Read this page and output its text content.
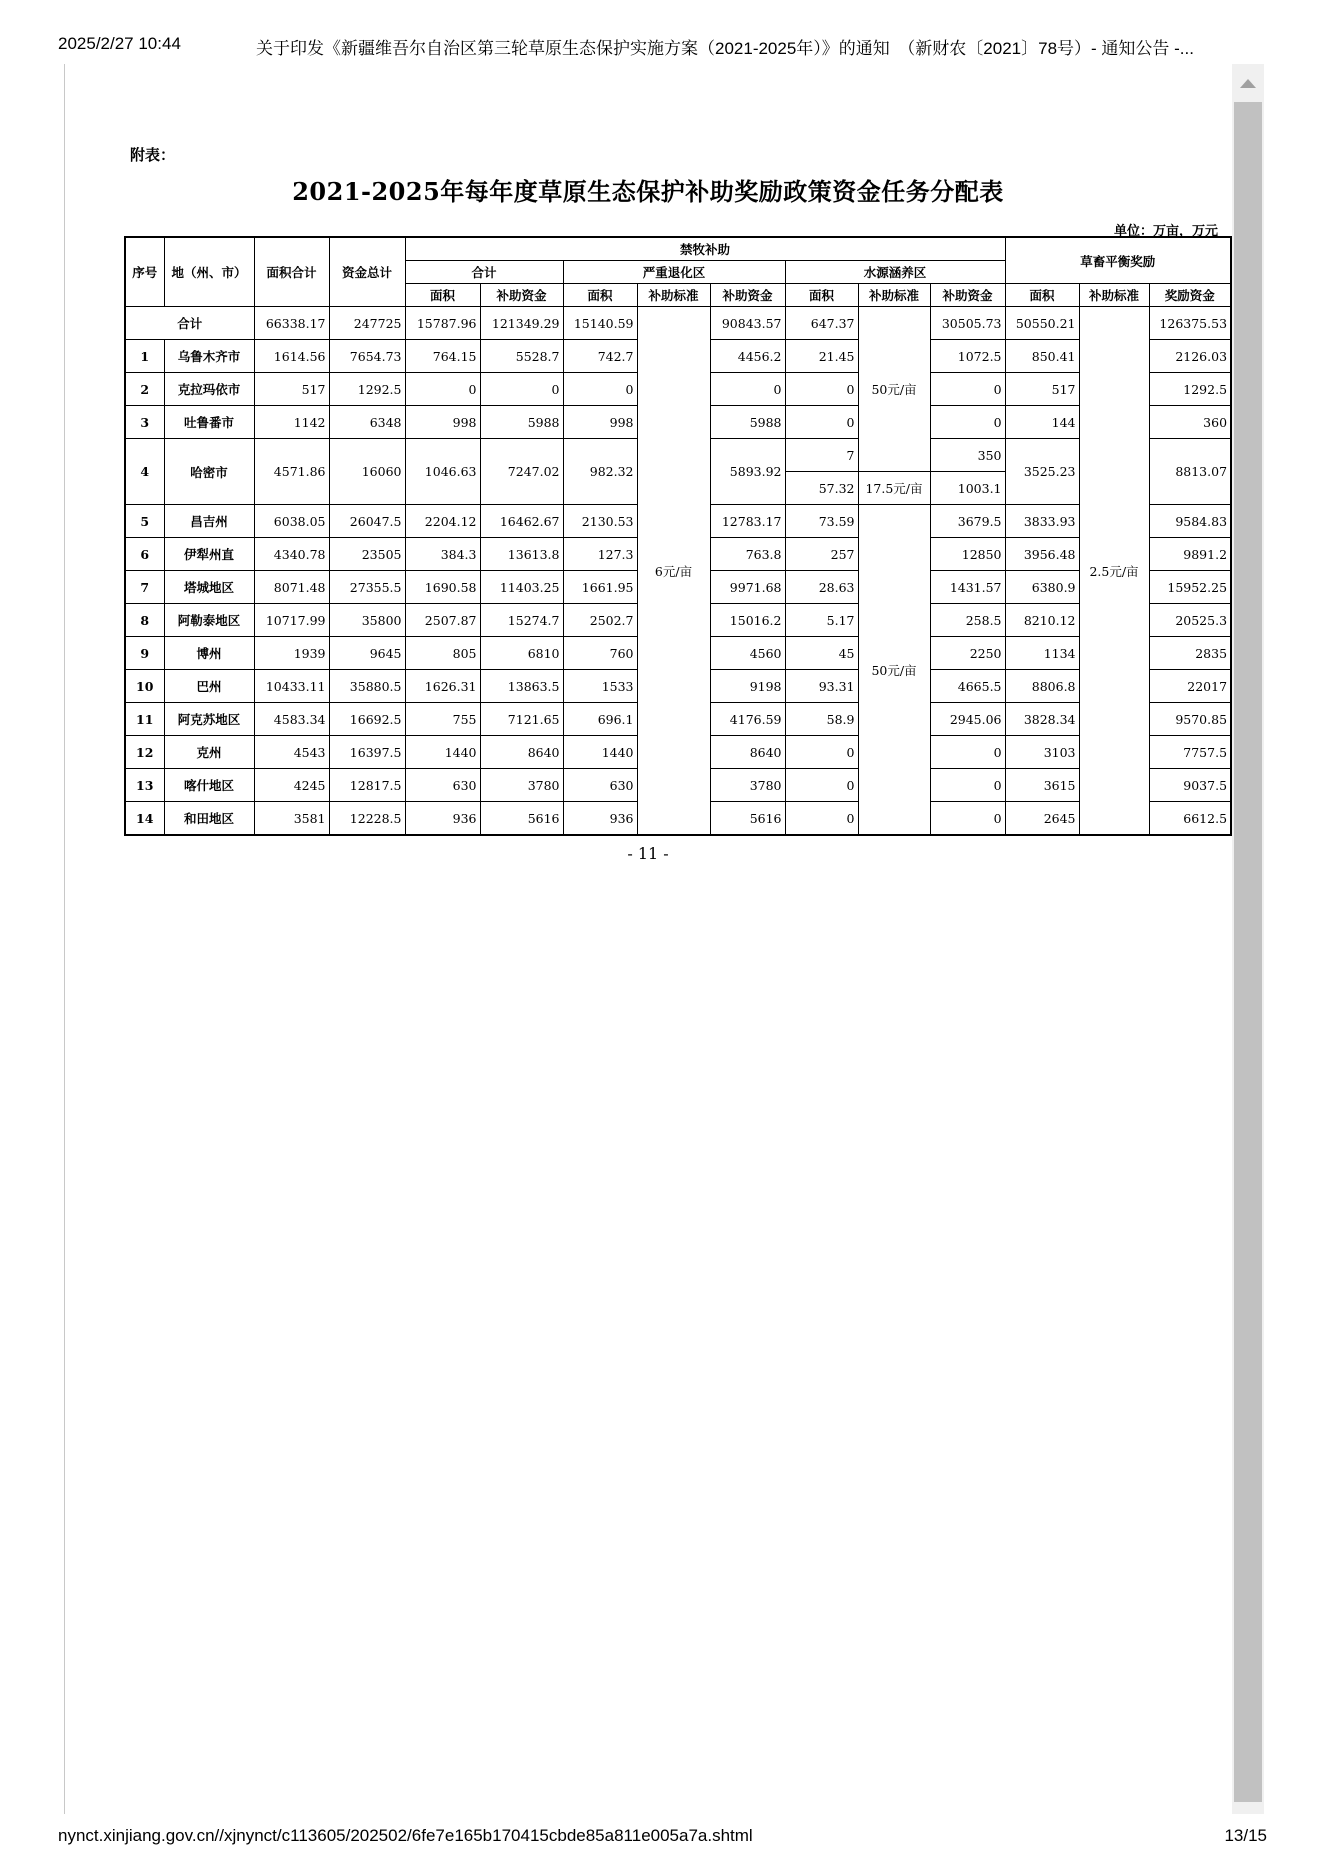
2025/2/27 10:44	关于印发《新疆维吾尔自治区第三轮草原生态保护实施方案（2021-2025年）》的通知　（新财农〔2021〕78号）- 通知公告 -...
附表：
2021-2025年每年度草原生态保护补助奖励政策资金任务分配表
单位：万亩，万元
序号	地（州、市）	面积合计	资金总计	禁牧补助								草畜平衡奖励		
				合计		严重退化区			水源涵养区					
				面积	补助资金	面积	补助标准	补助资金	面积	补助标准	补助资金	面积	补助标准	奖励资金
合计		66338.17	247725	15787.96	121349.29	15140.59	6元/亩	90843.57	647.37	50元/亩	30505.73	50550.21	2.5元/亩	126375.53
1	乌鲁木齐市	1614.56	7654.73	764.15	5528.7	742.7		4456.2	21.45		1072.5	850.41		2126.03
2	克拉玛依市	517	1292.5	0	0	0		0	0		0	517		1292.5
3	吐鲁番市	1142	6348	998	5988	998		5988	0		0	144		360
4	哈密市	4571.86	16060	1046.63	7247.02	982.32		5893.92	7		350	3525.23		8813.07
									57.32	17.5元/亩	1003.1			
5	昌吉州	6038.05	26047.5	2204.12	16462.67	2130.53		12783.17	73.59	50元/亩	3679.5	3833.93		9584.83
6	伊犁州直	4340.78	23505	384.3	13613.8	127.3		763.8	257		12850	3956.48		9891.2
7	塔城地区	8071.48	27355.5	1690.58	11403.25	1661.95		9971.68	28.63		1431.57	6380.9		15952.25
8	阿勒泰地区	10717.99	35800	2507.87	15274.7	2502.7		15016.2	5.17		258.5	8210.12		20525.3
9	博州	1939	9645	805	6810	760		4560	45		2250	1134		2835
10	巴州	10433.11	35880.5	1626.31	13863.5	1533		9198	93.31		4665.5	8806.8		22017
11	阿克苏地区	4583.34	16692.5	755	7121.65	696.1		4176.59	58.9		2945.06	3828.34		9570.85
12	克州	4543	16397.5	1440	8640	1440		8640	0		0	3103		7757.5
13	喀什地区	4245	12817.5	630	3780	630		3780	0		0	3615		9037.5
14	和田地区	3581	12228.5	936	5616	936		5616	0		0	2645		6612.5
- 11 -
nynct.xinjiang.gov.cn//xjnynct/c113605/202502/6fe7e165b170415cbde85a811e005a7a.shtml	13/15
